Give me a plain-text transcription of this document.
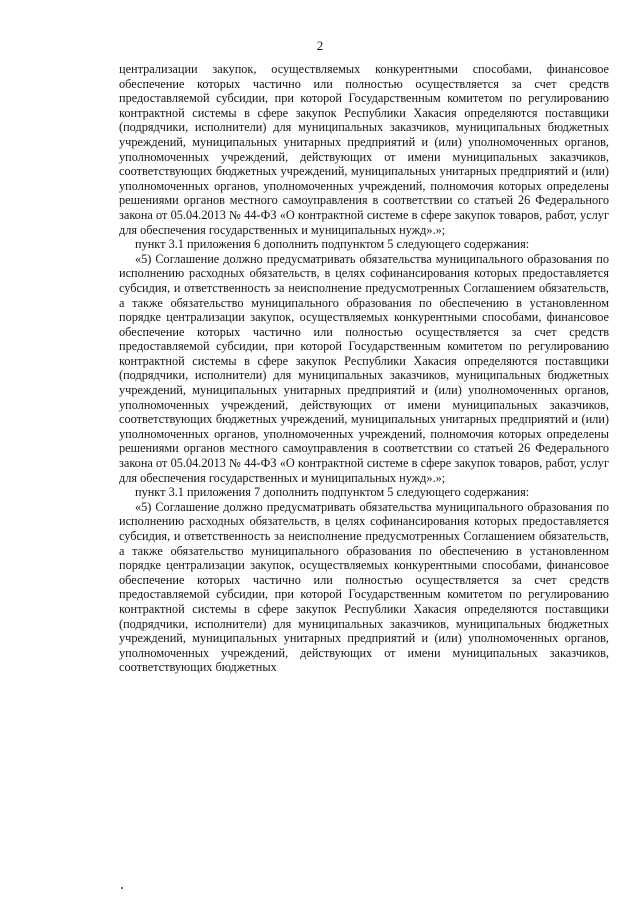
2

централизации закупок, осуществляемых конкурентными способами, финансовое обеспечение которых частично или полностью осуществляется за счет средств предоставляемой субсидии, при которой Государственным комитетом по регулированию контрактной системы в сфере закупок Республики Хакасия определяются поставщики (подрядчики, исполнители) для муниципальных заказчиков, муниципальных бюджетных учреждений, муниципальных унитарных предприятий и (или) уполномоченных органов, уполномоченных учреждений, действующих от имени муниципальных заказчиков, соответствующих бюджетных учреждений, муниципальных унитарных предприятий и (или) уполномоченных органов, уполномоченных учреждений, полномочия которых определены решениями органов местного самоуправления в соответствии со статьей 26 Федерального закона от 05.04.2013 № 44-ФЗ «О контрактной системе в сфере закупок товаров, работ, услуг для обеспечения государственных и муниципальных нужд».»;

пункт 3.1 приложения 6 дополнить подпунктом 5 следующего содержания:

«5) Соглашение должно предусматривать обязательства муниципального образования по исполнению расходных обязательств, в целях софинансирования которых предоставляется субсидия, и ответственность за неисполнение предусмотренных Соглашением обязательств, а также обязательство муниципального образования по обеспечению в установленном порядке централизации закупок, осуществляемых конкурентными способами, финансовое обеспечение которых частично или полностью осуществляется за счет средств предоставляемой субсидии, при которой Государственным комитетом по регулированию контрактной системы в сфере закупок Республики Хакасия определяются поставщики (подрядчики, исполнители) для муниципальных заказчиков, муниципальных бюджетных учреждений, муниципальных унитарных предприятий и (или) уполномоченных органов, уполномоченных учреждений, действующих от имени муниципальных заказчиков, соответствующих бюджетных учреждений, муниципальных унитарных предприятий и (или) уполномоченных органов, уполномоченных учреждений, полномочия которых определены решениями органов местного самоуправления в соответствии со статьей 26 Федерального закона от 05.04.2013 № 44-ФЗ «О контрактной системе в сфере закупок товаров, работ, услуг для обеспечения государственных и муниципальных нужд».»;

пункт 3.1 приложения 7 дополнить подпунктом 5 следующего содержания:

«5) Соглашение должно предусматривать обязательства муниципального образования по исполнению расходных обязательств, в целях софинансирования которых предоставляется субсидия, и ответственность за неисполнение предусмотренных Соглашением обязательств, а также обязательство муниципального образования по обеспечению в установленном порядке централизации закупок, осуществляемых конкурентными способами, финансовое обеспечение которых частично или полностью осуществляется за счет средств предоставляемой субсидии, при которой Государственным комитетом по регулированию контрактной системы в сфере закупок Республики Хакасия определяются поставщики (подрядчики, исполнители) для муниципальных заказчиков, муниципальных бюджетных учреждений, муниципальных унитарных предприятий и (или) уполномоченных органов, уполномоченных учреждений, действующих от имени муниципальных заказчиков, соответствующих бюджетных
